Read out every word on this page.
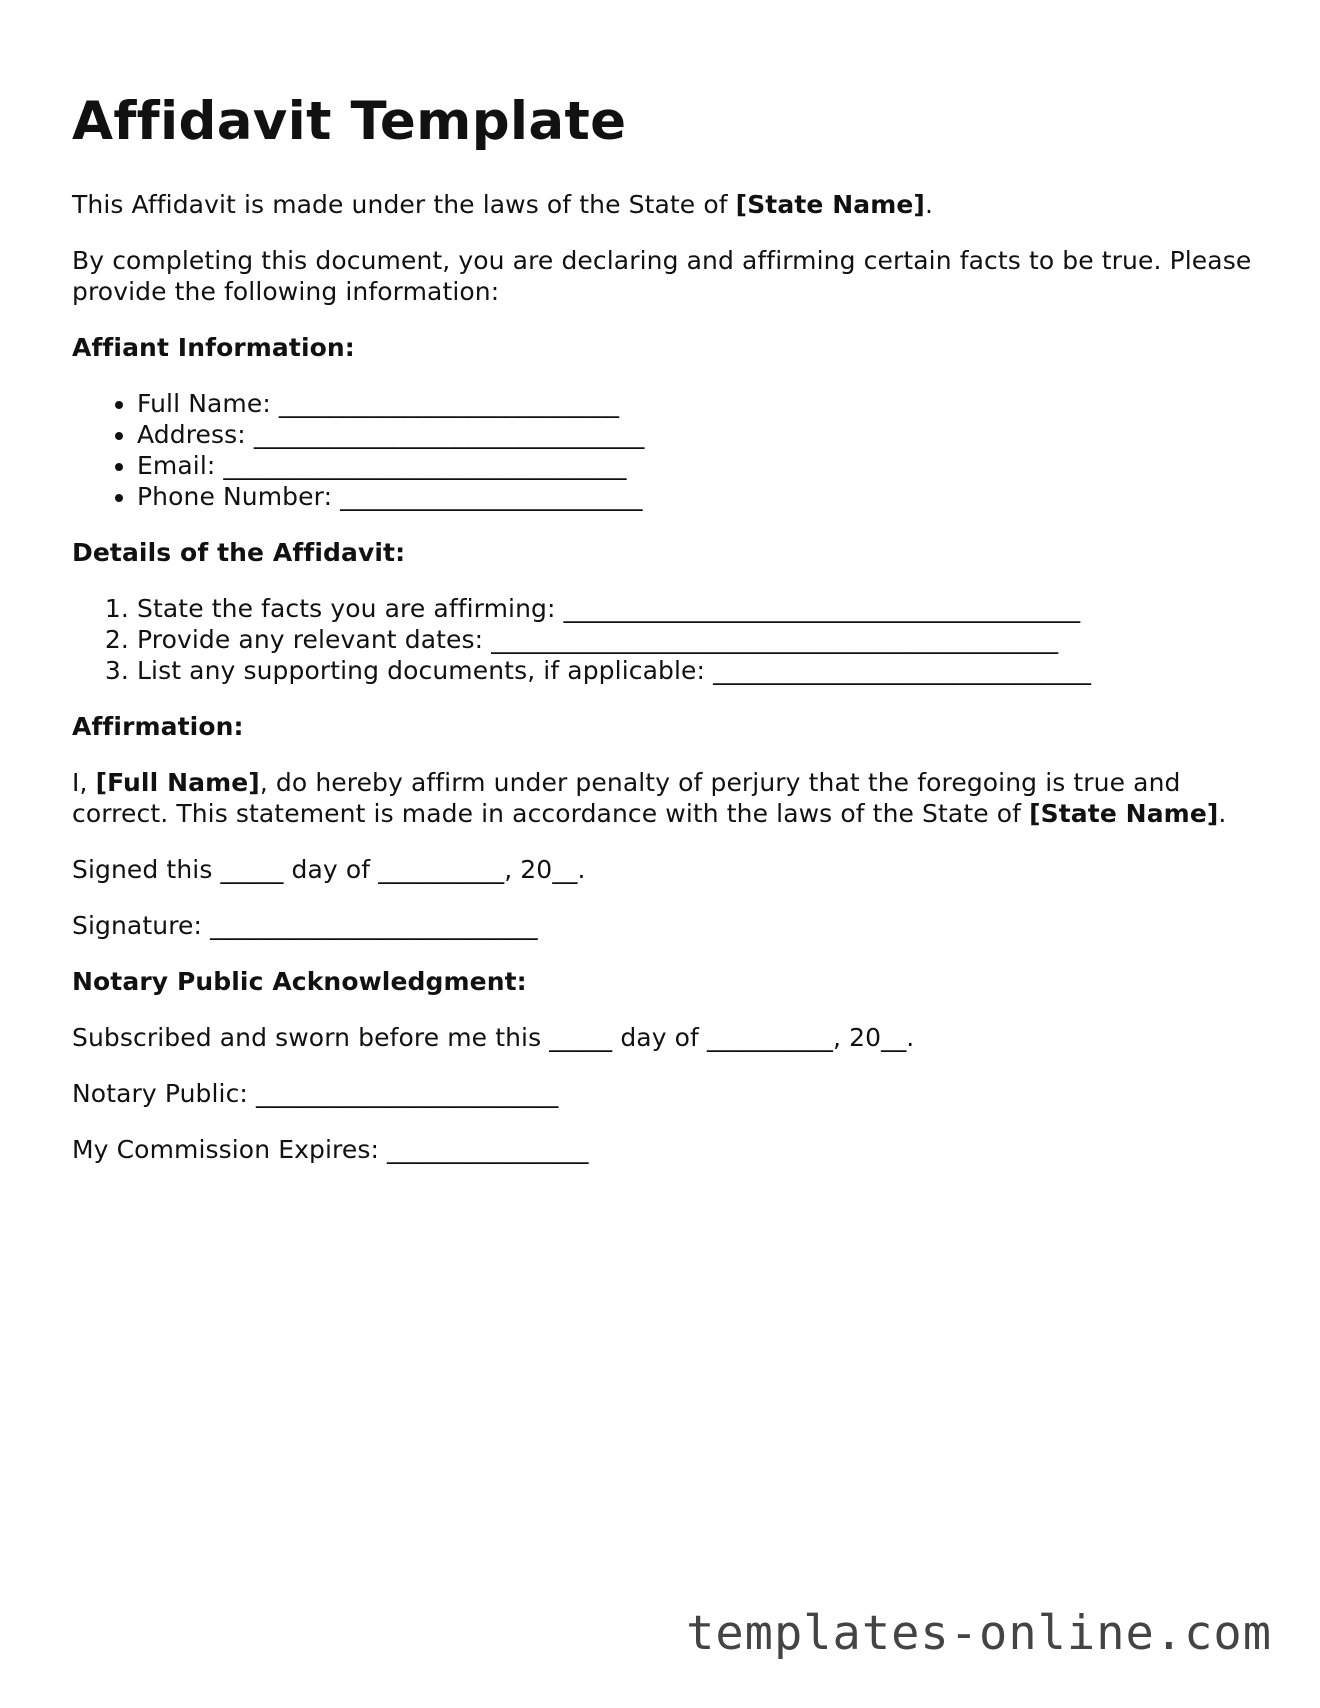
Affidavit Template

This Affidavit is made under the laws of the State of [State Name].

By completing this document, you are declaring and affirming certain facts to be true. Please provide the following information:

Affiant Information:

• Full Name: ___________________________
• Address: _______________________________
• Email: ________________________________
• Phone Number: ________________________

Details of the Affidavit:

1. State the facts you are affirming: _________________________________________
2. Provide any relevant dates: _____________________________________________
3. List any supporting documents, if applicable: ______________________________

Affirmation:

I, [Full Name], do hereby affirm under penalty of perjury that the foregoing is true and correct. This statement is made in accordance with the laws of the State of [State Name].

Signed this _____ day of __________, 20__.

Signature: __________________________

Notary Public Acknowledgment:

Subscribed and sworn before me this _____ day of __________, 20__.

Notary Public: ________________________

My Commission Expires: ________________

templates-online.com
